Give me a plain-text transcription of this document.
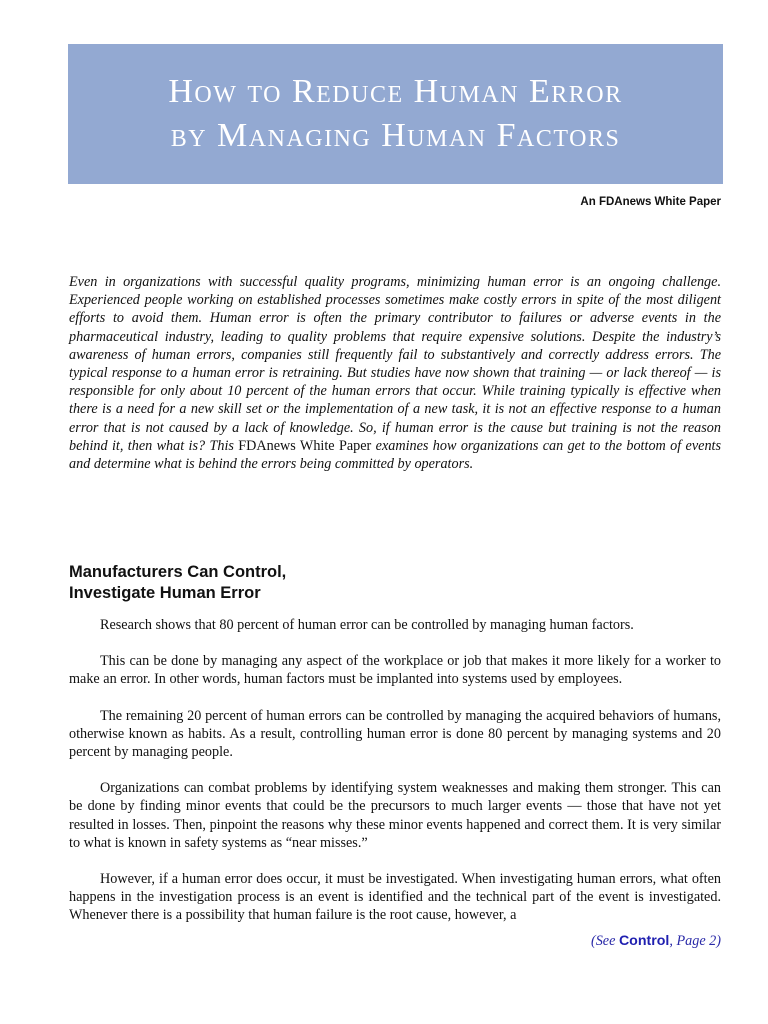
How to Reduce Human Error
by Managing Human Factors
An FDAnews White Paper

Even in organizations with successful quality programs, minimizing human error is an ongoing challenge. Experienced people working on established processes sometimes make costly errors in spite of the most diligent efforts to avoid them. Human error is often the primary contributor to failures or adverse events in the pharmaceutical industry, leading to quality problems that require expensive solutions. Despite the industry’s awareness of human errors, companies still frequently fail to substantively and correctly address errors. The typical response to a human error is retraining. But studies have now shown that training — or lack thereof — is responsible for only about 10 percent of the human errors that occur. While training typically is effective when there is a need for a new skill set or the implementation of a new task, it is not an effective response to a human error that is not caused by a lack of knowledge. So, if human error is the cause but training is not the reason behind it, then what is? This FDAnews White Paper examines how organizations can get to the bottom of events and determine what is behind the errors being committed by operators.

Manufacturers Can Control,
Investigate Human Error

Research shows that 80 percent of human error can be controlled by managing human factors.

This can be done by managing any aspect of the workplace or job that makes it more likely for a worker to make an error. In other words, human factors must be implanted into systems used by employees.

The remaining 20 percent of human errors can be controlled by managing the acquired behaviors of humans, otherwise known as habits. As a result, controlling human error is done 80 percent by managing systems and 20 percent by managing people.

Organizations can combat problems by identifying system weaknesses and making them stronger. This can be done by finding minor events that could be the precursors to much larger events — those that have not yet resulted in losses. Then, pinpoint the reasons why these minor events happened and correct them. It is very similar to what is known in safety systems as “near misses.”

However, if a human error does occur, it must be investigated. When investigating human errors, what often happens in the investigation process is an event is identified and the technical part of the event is investigated. Whenever there is a possibility that human failure is the root cause, however, a

(See Control, Page 2)
